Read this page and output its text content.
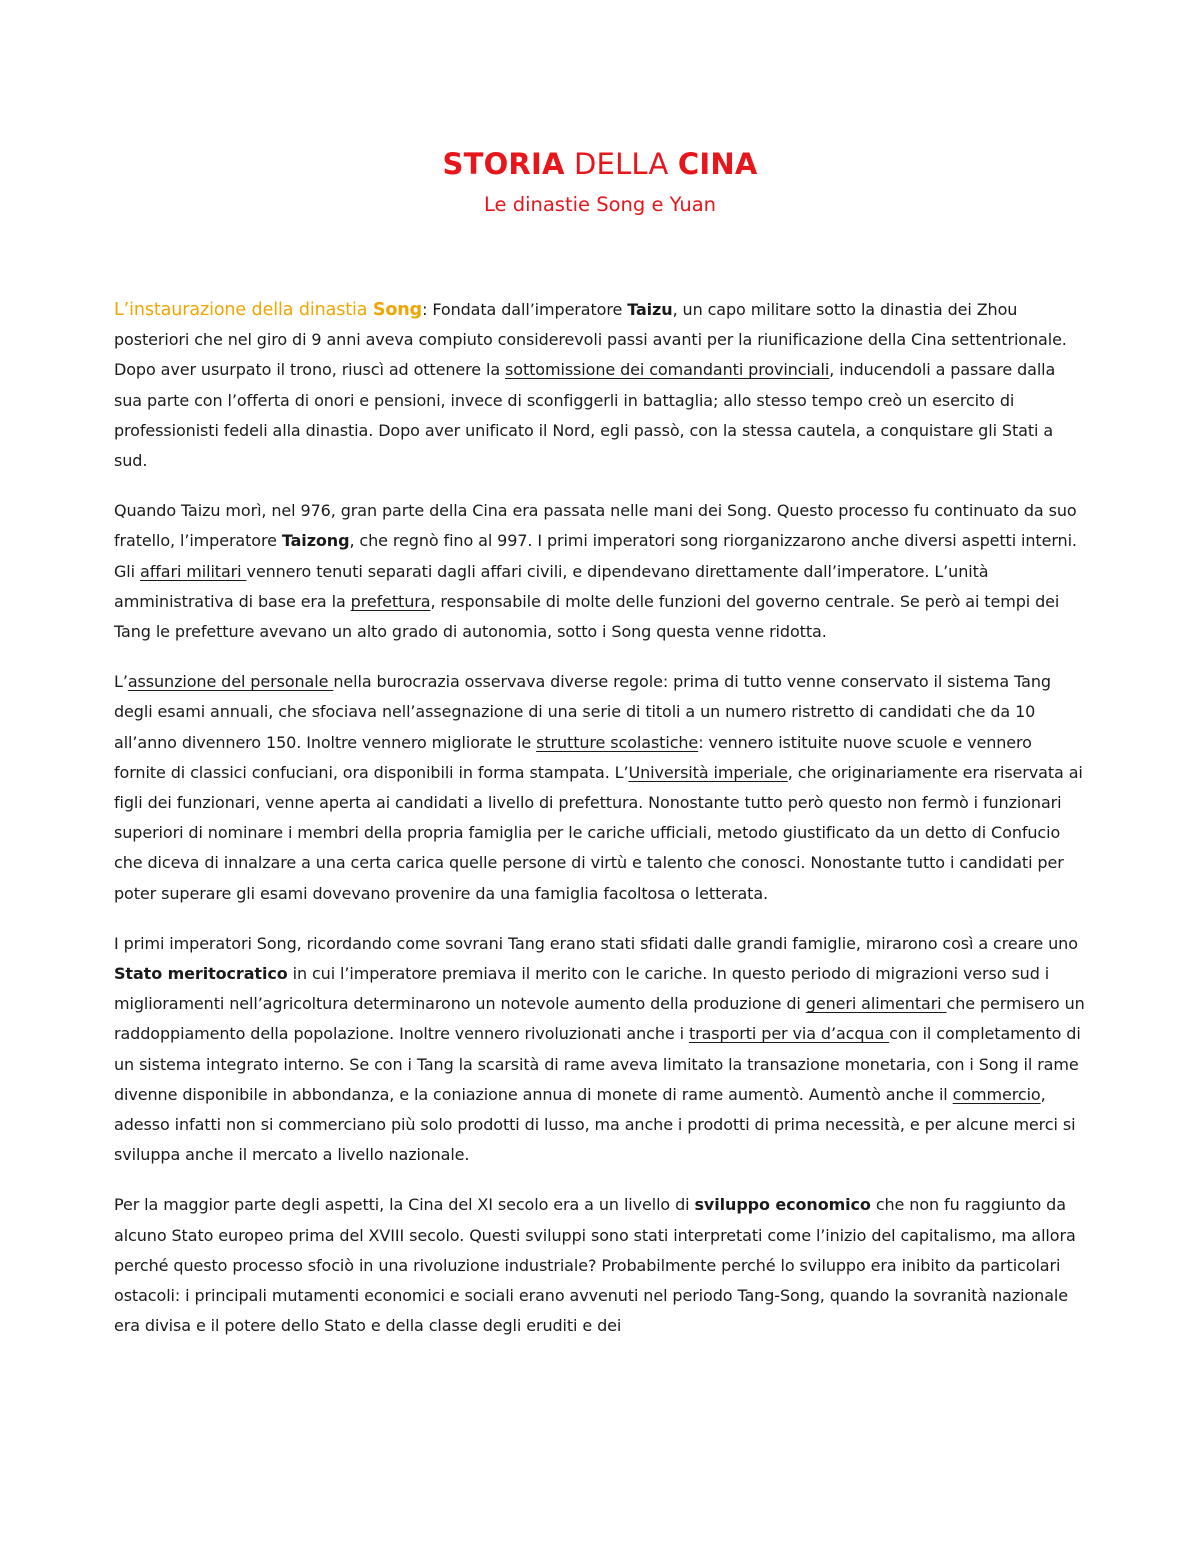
STORIA DELLA CINA
Le dinastie Song e Yuan

L’instaurazione della dinastia Song: Fondata dall’imperatore Taizu, un capo militare sotto la dinastia dei Zhou posteriori che nel giro di 9 anni aveva compiuto considerevoli passi avanti per la riunificazione della Cina settentrionale. Dopo aver usurpato il trono, riuscì ad ottenere la sottomissione dei comandanti provinciali, inducendoli a passare dalla sua parte con l’offerta di onori e pensioni, invece di sconfiggerli in battaglia; allo stesso tempo creò un esercito di professionisti fedeli alla dinastia. Dopo aver unificato il Nord, egli passò, con la stessa cautela, a conquistare gli Stati a sud.

Quando Taizu morì, nel 976, gran parte della Cina era passata nelle mani dei Song. Questo processo fu continuato da suo fratello, l’imperatore Taizong, che regnò fino al 997. I primi imperatori song riorganizzarono anche diversi aspetti interni. Gli affari militari vennero tenuti separati dagli affari civili, e dipendevano direttamente dall’imperatore. L’unità amministrativa di base era la prefettura, responsabile di molte delle funzioni del governo centrale. Se però ai tempi dei Tang le prefetture avevano un alto grado di autonomia, sotto i Song questa venne ridotta.

L’assunzione del personale nella burocrazia osservava diverse regole: prima di tutto venne conservato il sistema Tang degli esami annuali, che sfociava nell’assegnazione di una serie di titoli a un numero ristretto di candidati che da 10 all’anno divennero 150. Inoltre vennero migliorate le strutture scolastiche: vennero istituite nuove scuole e vennero fornite di classici confuciani, ora disponibili in forma stampata. L’Università imperiale, che originariamente era riservata ai figli dei funzionari, venne aperta ai candidati a livello di prefettura. Nonostante tutto però questo non fermò i funzionari superiori di nominare i membri della propria famiglia per le cariche ufficiali, metodo giustificato da un detto di Confucio che diceva di innalzare a una certa carica quelle persone di virtù e talento che conosci. Nonostante tutto i candidati per poter superare gli esami dovevano provenire da una famiglia facoltosa o letterata.

I primi imperatori Song, ricordando come sovrani Tang erano stati sfidati dalle grandi famiglie, mirarono così a creare uno Stato meritocratico in cui l’imperatore premiava il merito con le cariche. In questo periodo di migrazioni verso sud i miglioramenti nell’agricoltura determinarono un notevole aumento della produzione di generi alimentari che permisero un raddoppiamento della popolazione. Inoltre vennero rivoluzionati anche i trasporti per via d’acqua con il completamento di un sistema integrato interno. Se con i Tang la scarsità di rame aveva limitato la transazione monetaria, con i Song il rame divenne disponibile in abbondanza, e la coniazione annua di monete di rame aumentò. Aumentò anche il commercio, adesso infatti non si commerciano più solo prodotti di lusso, ma anche i prodotti di prima necessità, e per alcune merci si sviluppa anche il mercato a livello nazionale.

Per la maggior parte degli aspetti, la Cina del XI secolo era a un livello di sviluppo economico che non fu raggiunto da alcuno Stato europeo prima del XVIII secolo. Questi sviluppi sono stati interpretati come l’inizio del capitalismo, ma allora perché questo processo sfociò in una rivoluzione industriale? Probabilmente perché lo sviluppo era inibito da particolari ostacoli: i principali mutamenti economici e sociali erano avvenuti nel periodo Tang-Song, quando la sovranità nazionale era divisa e il potere dello Stato e della classe degli eruditi e dei
